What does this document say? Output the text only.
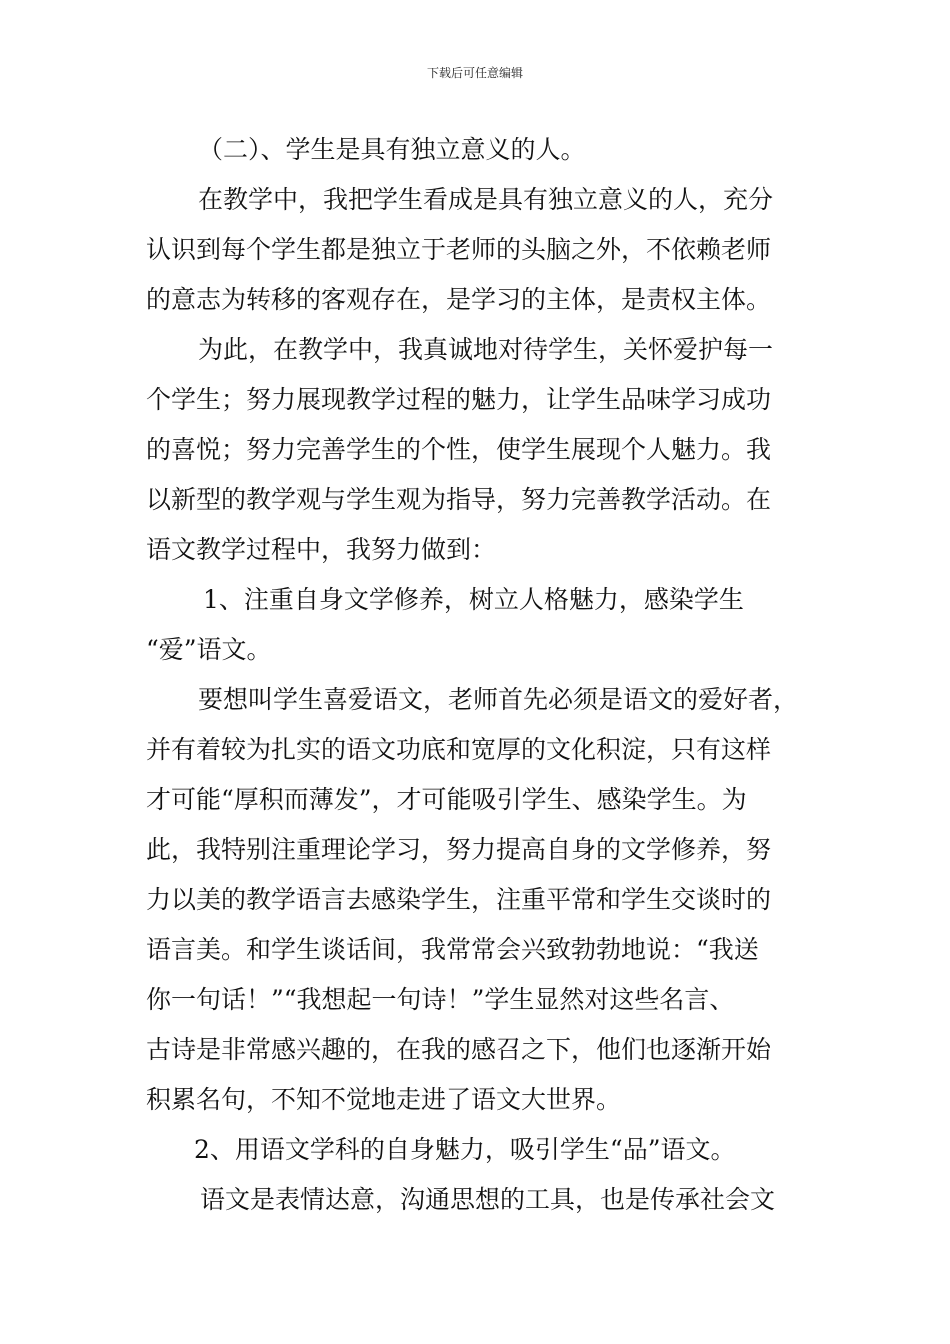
下载后可任意编辑
（二）、学生是具有独立意义的人。
在教学中，我把学生看成是具有独立意义的人，充分
认识到每个学生都是独立于老师的头脑之外，不依赖老师
的意志为转移的客观存在，是学习的主体，是责权主体。
为此，在教学中，我真诚地对待学生，关怀爱护每一
个学生；努力展现教学过程的魅力，让学生品味学习成功
的喜悦；努力完善学生的个性，使学生展现个人魅力。我
以新型的教学观与学生观为指导，努力完善教学活动。在
语文教学过程中，我努力做到：
1、注重自身文学修养，树立人格魅力，感染学生
“爱”语文。
要想叫学生喜爱语文，老师首先必须是语文的爱好者，
并有着较为扎实的语文功底和宽厚的文化积淀，只有这样
才可能“厚积而薄发”，才可能吸引学生、感染学生。为
此，我特别注重理论学习，努力提高自身的文学修养，努
力以美的教学语言去感染学生，注重平常和学生交谈时的
语言美。和学生谈话间，我常常会兴致勃勃地说：“我送
你一句话！”“我想起一句诗！”学生显然对这些名言、
古诗是非常感兴趣的，在我的感召之下，他们也逐渐开始
积累名句，不知不觉地走进了语文大世界。
2、用语文学科的自身魅力，吸引学生“品”语文。
语文是表情达意，沟通思想的工具，也是传承社会文
